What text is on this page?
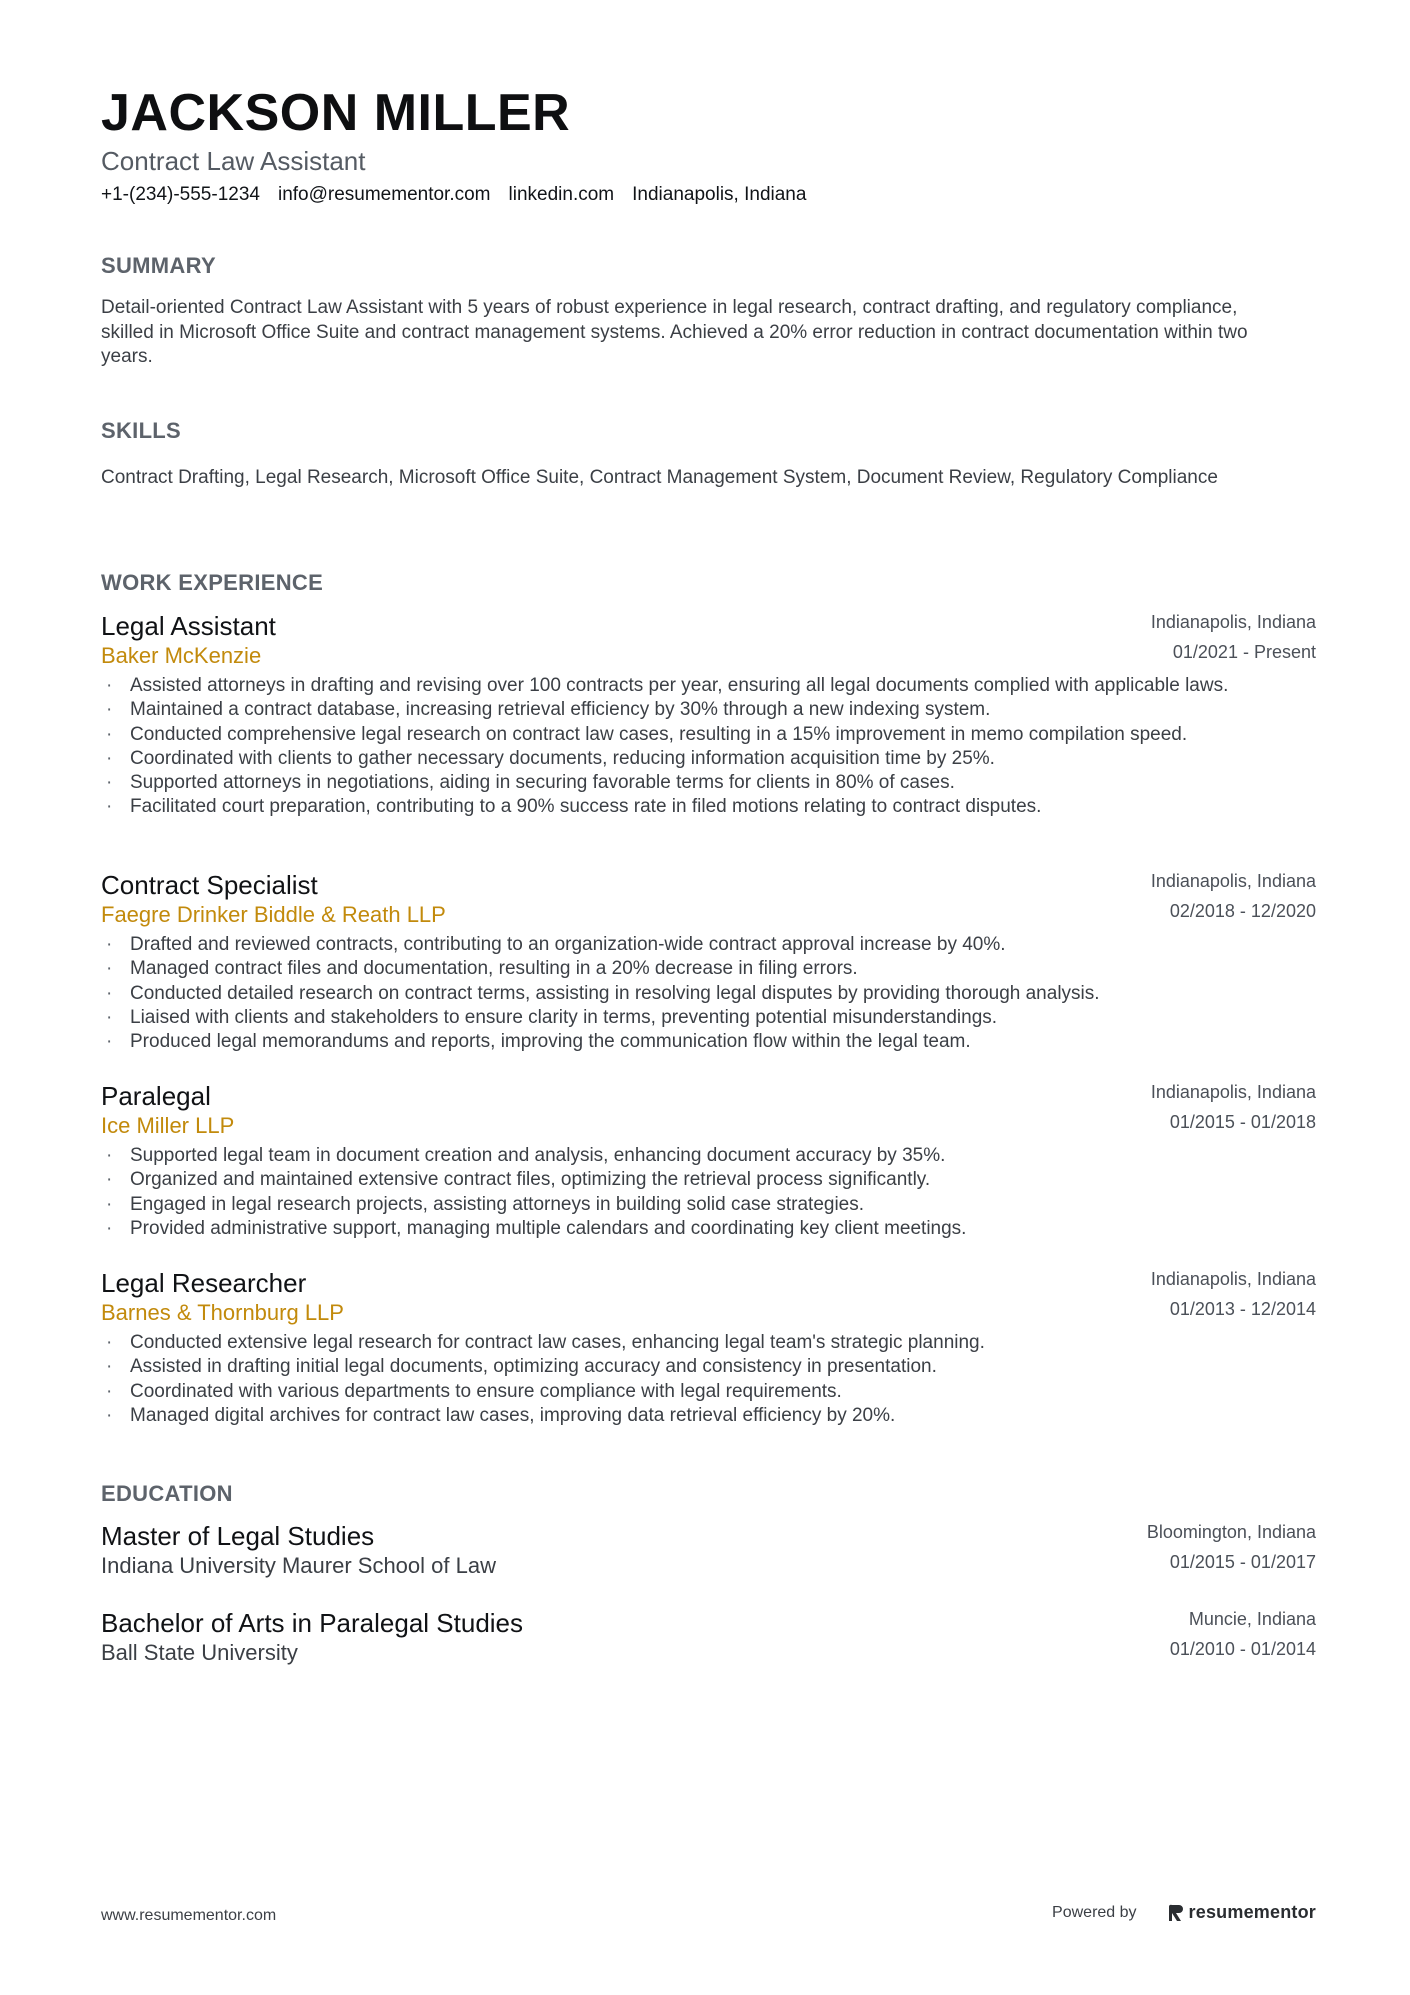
JACKSON MILLER
Contract Law Assistant
+1-(234)-555-1234 info@resumementor.com linkedin.com Indianapolis, Indiana
SUMMARY

Detail-oriented Contract Law Assistant with 5 years of robust experience in legal research, contract drafting, and regulatory compliance, skilled in Microsoft Office Suite and contract management systems. Achieved a 20% error reduction in contract documentation within two years.

SKILLS

Contract Drafting, Legal Research, Microsoft Office Suite, Contract Management System, Document Review, Regulatory Compliance

WORK EXPERIENCE
Legal Assistant
Baker McKenzie
Indianapolis, Indiana
01/2021 - Present
· Assisted attorneys in drafting and revising over 100 contracts per year, ensuring all legal documents complied with applicable laws.
· Maintained a contract database, increasing retrieval efficiency by 30% through a new indexing system.
· Conducted comprehensive legal research on contract law cases, resulting in a 15% improvement in memo compilation speed.
· Coordinated with clients to gather necessary documents, reducing information acquisition time by 25%.
· Supported attorneys in negotiations, aiding in securing favorable terms for clients in 80% of cases.
· Facilitated court preparation, contributing to a 90% success rate in filed motions relating to contract disputes.
Contract Specialist
Faegre Drinker Biddle & Reath LLP
Indianapolis, Indiana
02/2018 - 12/2020
· Drafted and reviewed contracts, contributing to an organization-wide contract approval increase by 40%.
· Managed contract files and documentation, resulting in a 20% decrease in filing errors.
· Conducted detailed research on contract terms, assisting in resolving legal disputes by providing thorough analysis.
· Liaised with clients and stakeholders to ensure clarity in terms, preventing potential misunderstandings.
· Produced legal memorandums and reports, improving the communication flow within the legal team.
Paralegal
Ice Miller LLP
Indianapolis, Indiana
01/2015 - 01/2018
· Supported legal team in document creation and analysis, enhancing document accuracy by 35%.
· Organized and maintained extensive contract files, optimizing the retrieval process significantly.
· Engaged in legal research projects, assisting attorneys in building solid case strategies.
· Provided administrative support, managing multiple calendars and coordinating key client meetings.
Legal Researcher
Barnes & Thornburg LLP
Indianapolis, Indiana
01/2013 - 12/2014
· Conducted extensive legal research for contract law cases, enhancing legal team's strategic planning.
· Assisted in drafting initial legal documents, optimizing accuracy and consistency in presentation.
· Coordinated with various departments to ensure compliance with legal requirements.
· Managed digital archives for contract law cases, improving data retrieval efficiency by 20%.
EDUCATION
Master of Legal Studies
Indiana University Maurer School of Law
Bloomington, Indiana
01/2015 - 01/2017
Bachelor of Arts in Paralegal Studies
Ball State University
Muncie, Indiana
01/2010 - 01/2014
www.resumementor.com	Powered by	resumementor
